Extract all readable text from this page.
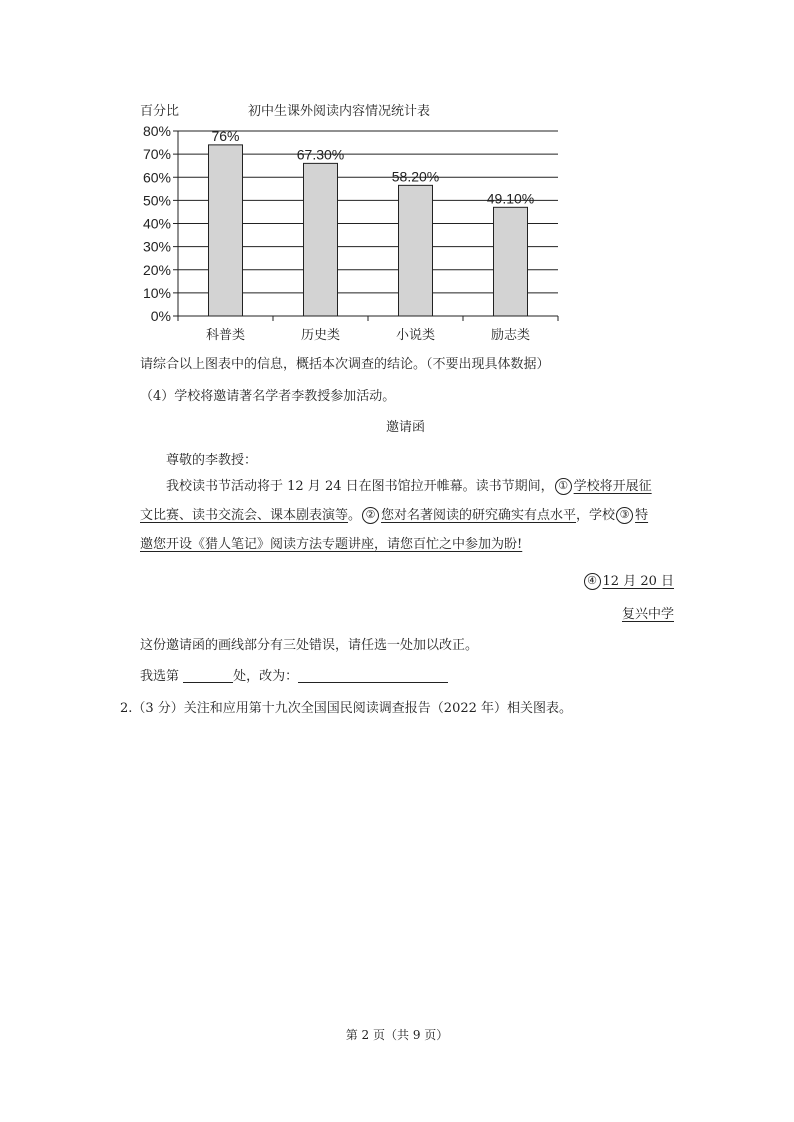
百分比	初中生课外阅读内容情况统计表
0%
10%
20%
30%
40%
50%
60%
70%
80%	76%
科普类
67.30%
历史类
58.20%
小说类
49.10%
励志类
请综合以上图表中的信息，概括本次调查的结论。（不要出现具体数据）
（4）学校将邀请著名学者李教授参加活动。
邀请函
尊敬的李教授：
我校读书节活动将于 12 月 24 日在图书馆拉开帷幕。读书节期间， ① 学校将开展征
文比赛、读书交流会、课本剧表演等。 ② 您对名著阅读的研究确实有点水平，学校 ③ 特
邀您开设《猎人笔记》阅读方法专题讲座，请您百忙之中参加为盼!
④ 12 月 20 日
复兴中学
这份邀请函的画线部分有三处错误，请任选一处加以改正。
我选第	处，改为：
2.（3 分）关注和应用第十九次全国国民阅读调查报告（2022 年）相关图表。
第 2 页（共 9 页）
